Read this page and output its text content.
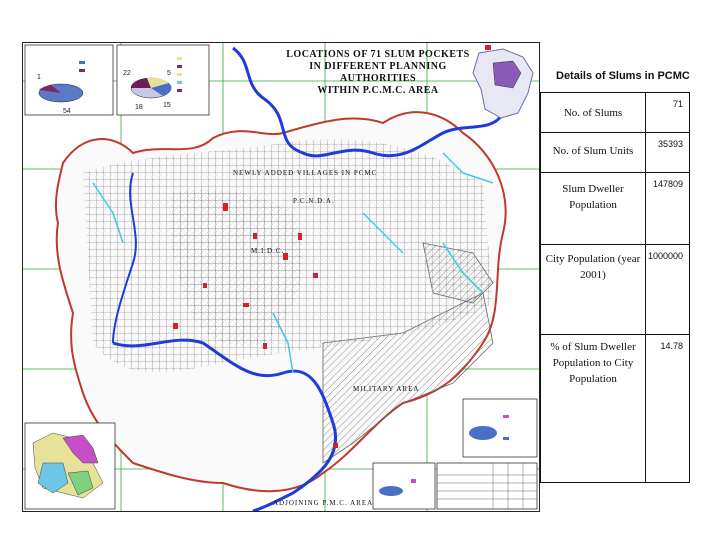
NEWLY ADDED VILLAGES IN PCMC
P.C.N.D.A.
M.I.D.C.
MILITARY AREA
ADJOINING P.M.C. AREA
1
54
22	5
18	15
LOCATIONS OF 71 SLUM POCKETS
IN DIFFERENT PLANNING AUTHORITIES
WITHIN P.C.M.C. AREA
Details of Slums in PCMC
No. of Slums	71
No. of Slum Units	35393
Slum Dweller Population	147809
City Population (year 2001)	1000000
% of Slum Dweller Population to City Population	14.78
